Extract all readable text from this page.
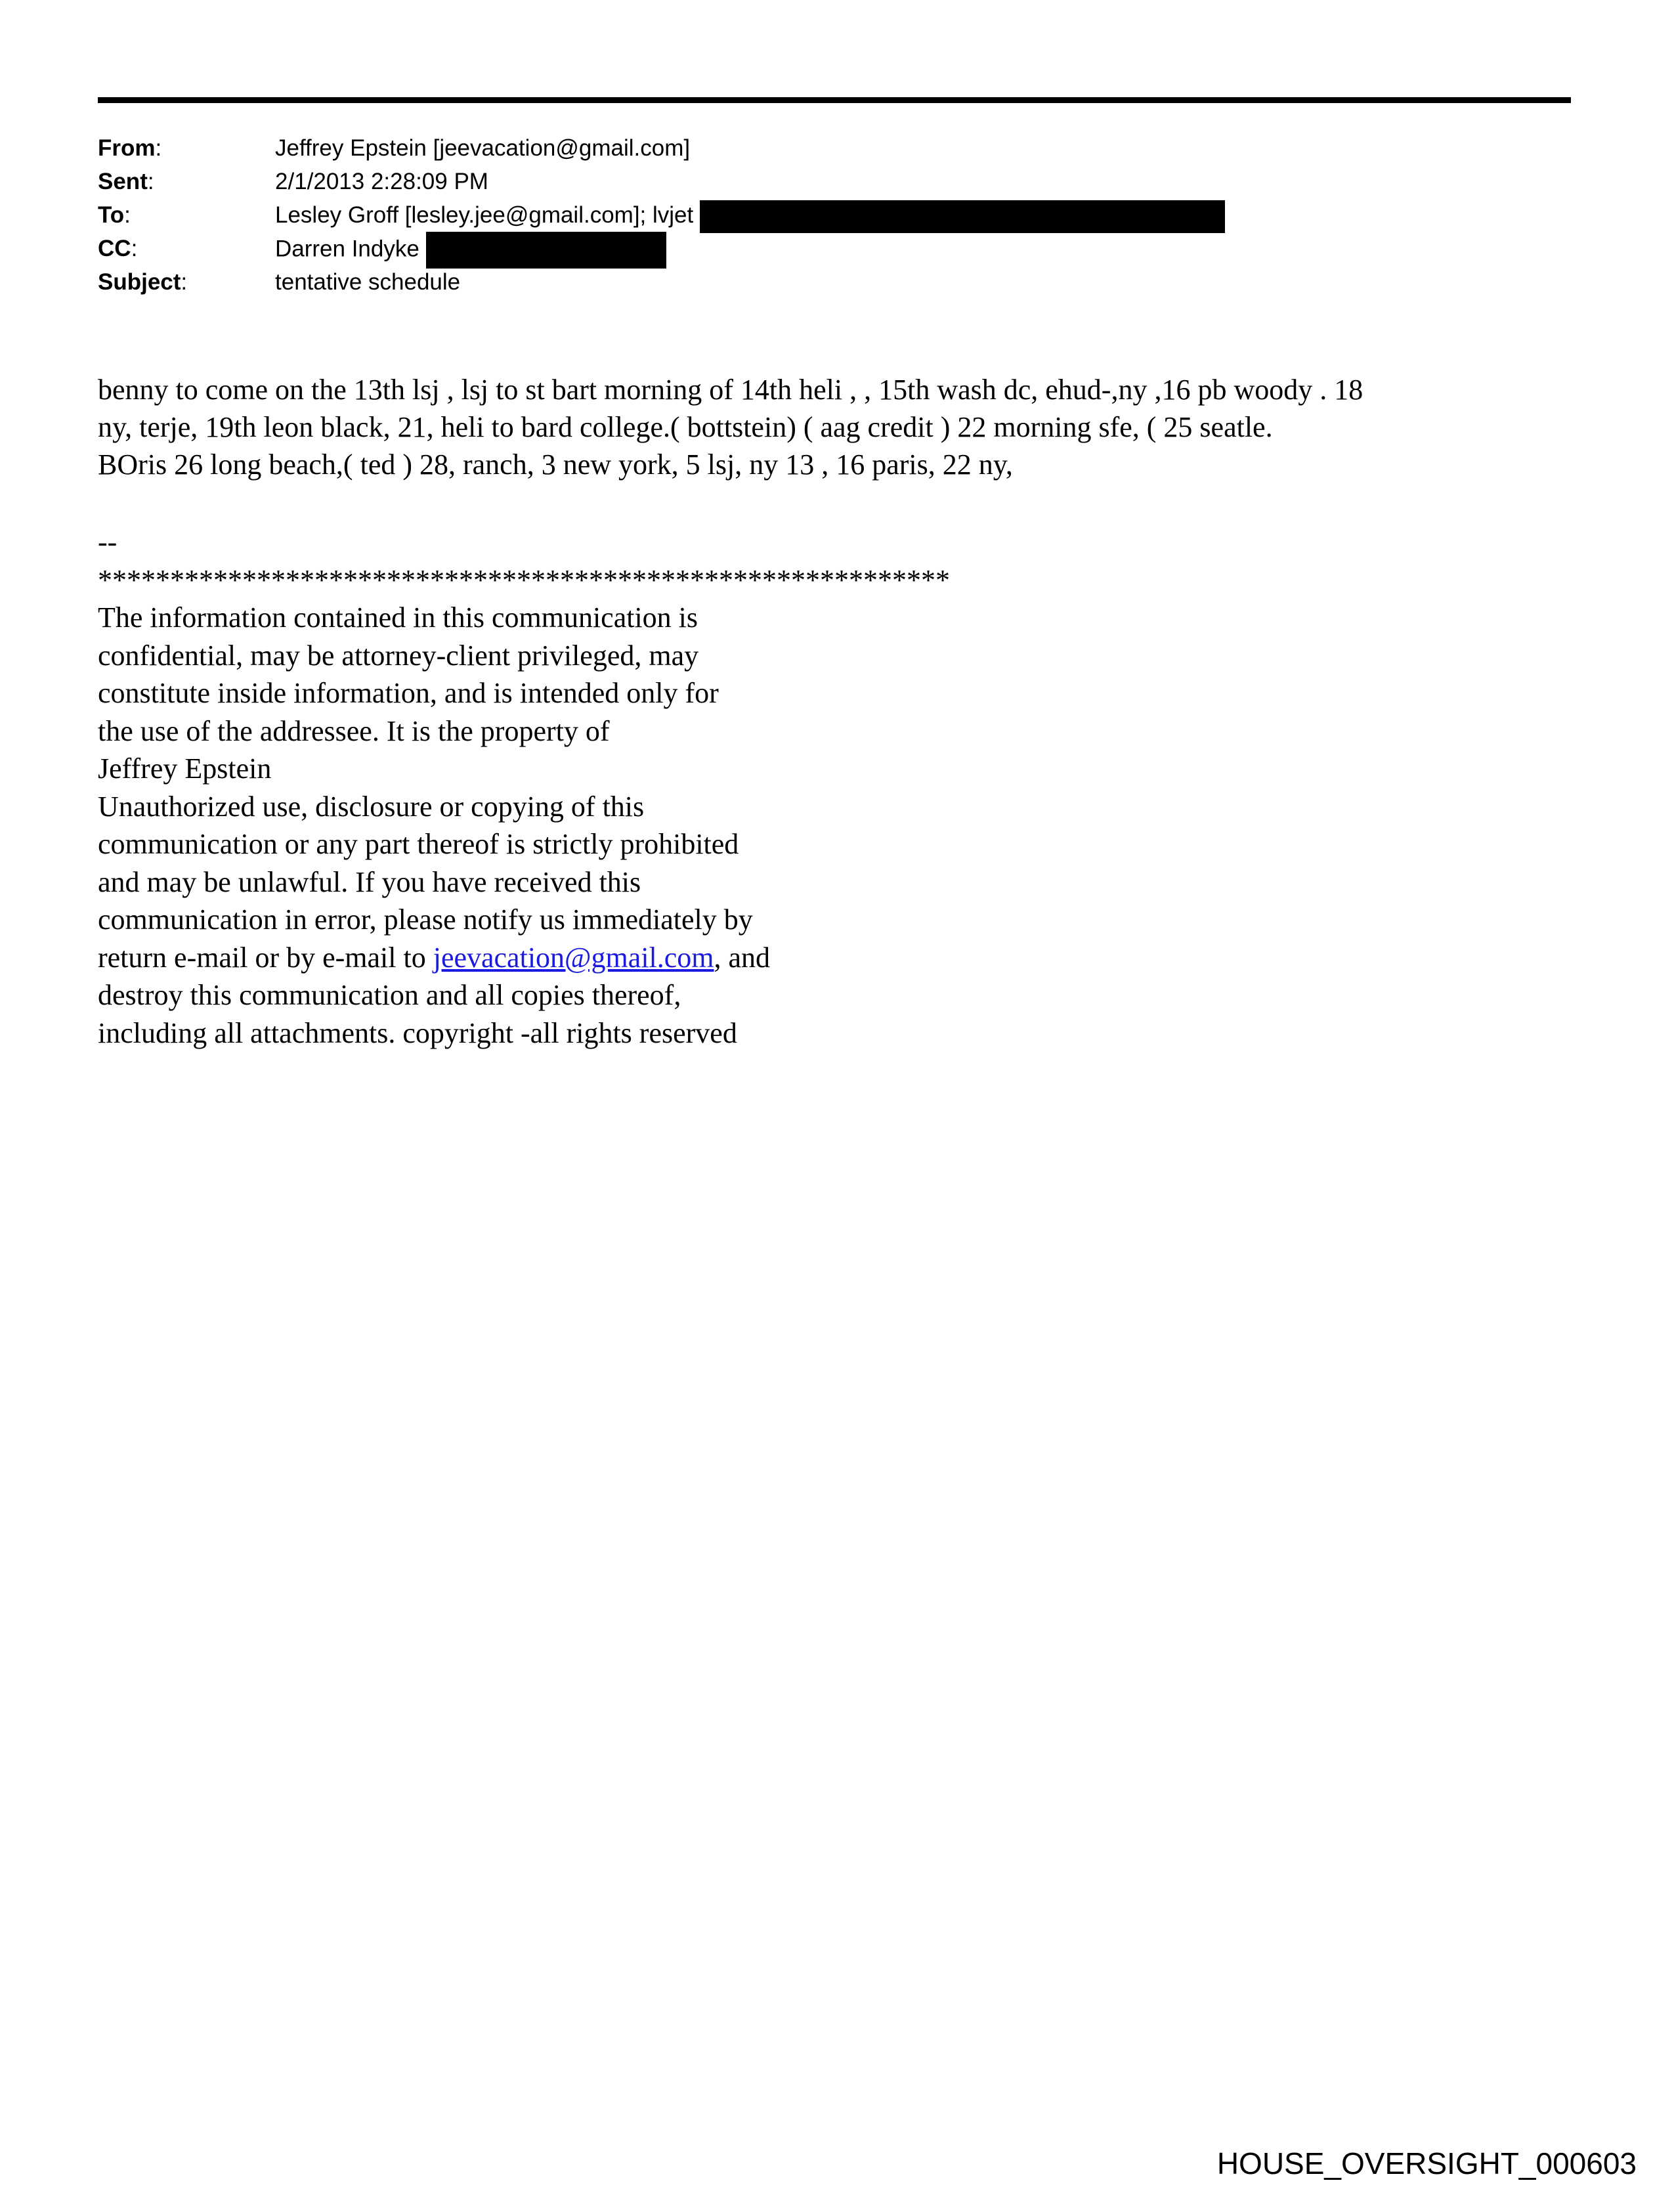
From:	Jeffrey Epstein [jeevacation@gmail.com]
Sent:	2/1/2013 2:28:09 PM
To:	Lesley Groff [lesley.jee@gmail.com]; lvjet
CC:	Darren Indyke
Subject:	tentative schedule

benny to come on the 13th lsj , lsj to st bart morning of 14th heli , , 15th wash dc, ehud-,ny ,16 pb woody . 18

ny, terje, 19th leon black, 21, heli to bard college.( bottstein) ( aag credit ) 22 morning sfe, ( 25 seatle.

BOris 26 long beach,( ted ) 28, ranch, 3 new york, 5 lsj, ny 13 , 16 paris, 22 ny,

--
***********************************************************
The information contained in this communication is
confidential, may be attorney-client privileged, may
constitute inside information, and is intended only for
the use of the addressee. It is the property of
Jeffrey Epstein
Unauthorized use, disclosure or copying of this
communication or any part thereof is strictly prohibited
and may be unlawful. If you have received this
communication in error, please notify us immediately by
return e-mail or by e-mail to jeevacation@gmail.com, and
destroy this communication and all copies thereof,
including all attachments. copyright -all rights reserved
HOUSE_OVERSIGHT_000603
